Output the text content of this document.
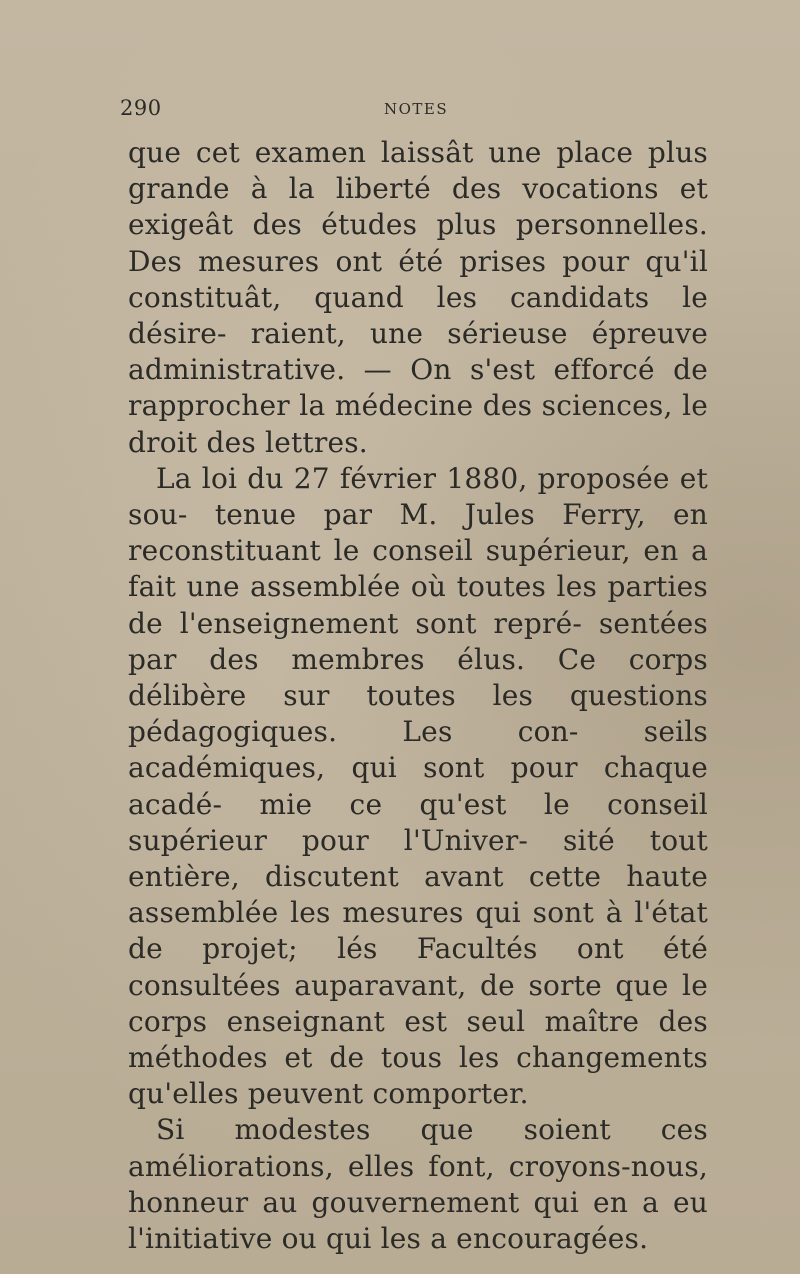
290	NOTES

que cet examen laissât une place plus grande à la liberté des vocations et exigeât des études plus personnelles. Des mesures ont été prises pour qu'il constituât, quand les candidats le désire- raient, une sérieuse épreuve administrative. — On s'est efforcé de rapprocher la médecine des sciences, le droit des lettres.

La loi du 27 février 1880, proposée et sou- tenue par M. Jules Ferry, en reconstituant le conseil supérieur, en a fait une assemblée où toutes les parties de l'enseignement sont repré- sentées par des membres élus. Ce corps délibère sur toutes les questions pédagogiques. Les con- seils académiques, qui sont pour chaque acadé- mie ce qu'est le conseil supérieur pour l'Univer- sité tout entière, discutent avant cette haute assemblée les mesures qui sont à l'état de projet; lés Facultés ont été consultées auparavant, de sorte que le corps enseignant est seul maître des méthodes et de tous les changements qu'elles peuvent comporter.

Si modestes que soient ces améliorations, elles font, croyons-nous, honneur au gouvernement qui en a eu l'initiative ou qui les a encouragées.
